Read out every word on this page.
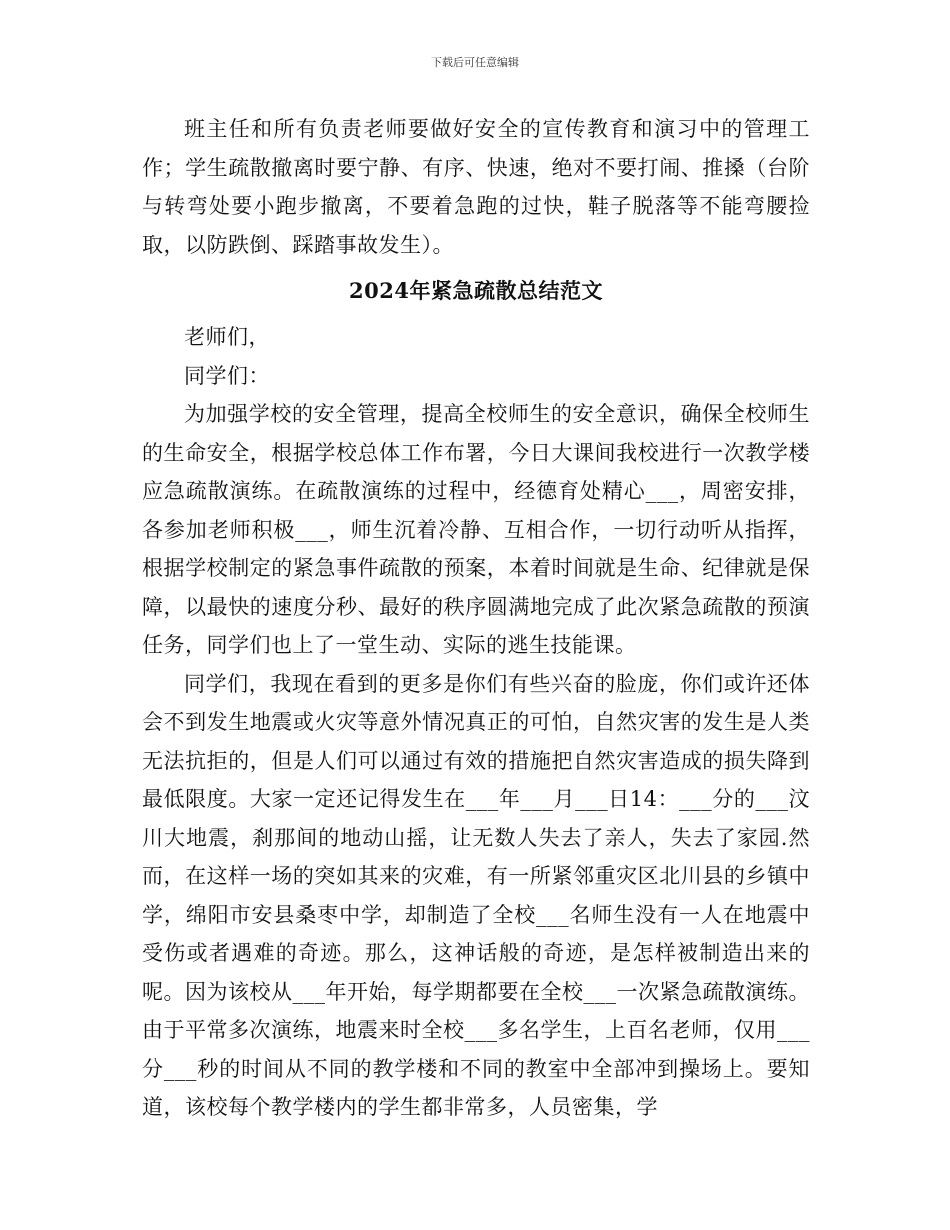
下载后可任意编辑

班主任和所有负责老师要做好安全的宣传教育和演习中的管理工作；学生疏散撤离时要宁静、有序、快速，绝对不要打闹、推搡（台阶与转弯处要小跑步撤离，不要着急跑的过快，鞋子脱落等不能弯腰捡取，以防跌倒、踩踏事故发生）。

2024年紧急疏散总结范文

老师们，

同学们：

为加强学校的安全管理，提高全校师生的安全意识，确保全校师生的生命安全，根据学校总体工作布署，今日大课间我校进行一次教学楼应急疏散演练。在疏散演练的过程中，经德育处精心___，周密安排，各参加老师积极___，师生沉着冷静、互相合作，一切行动听从指挥，根据学校制定的紧急事件疏散的预案，本着时间就是生命、纪律就是保障，以最快的速度分秒、最好的秩序圆满地完成了此次紧急疏散的预演任务，同学们也上了一堂生动、实际的逃生技能课。

同学们，我现在看到的更多是你们有些兴奋的脸庞，你们或许还体会不到发生地震或火灾等意外情况真正的可怕，自然灾害的发生是人类无法抗拒的，但是人们可以通过有效的措施把自然灾害造成的损失降到最低限度。大家一定还记得发生在___年___月___日14：___分的___汶川大地震，刹那间的地动山摇，让无数人失去了亲人，失去了家园.然而，在这样一场的突如其来的灾难，有一所紧邻重灾区北川县的乡镇中学，绵阳市安县桑枣中学，却制造了全校___名师生没有一人在地震中受伤或者遇难的奇迹。那么，这神话般的奇迹，是怎样被制造出来的呢。因为该校从___年开始，每学期都要在全校___一次紧急疏散演练。由于平常多次演练，地震来时全校___多名学生，上百名老师，仅用___分___秒的时间从不同的教学楼和不同的教室中全部冲到操场上。要知道，该校每个教学楼内的学生都非常多，人员密集，学
